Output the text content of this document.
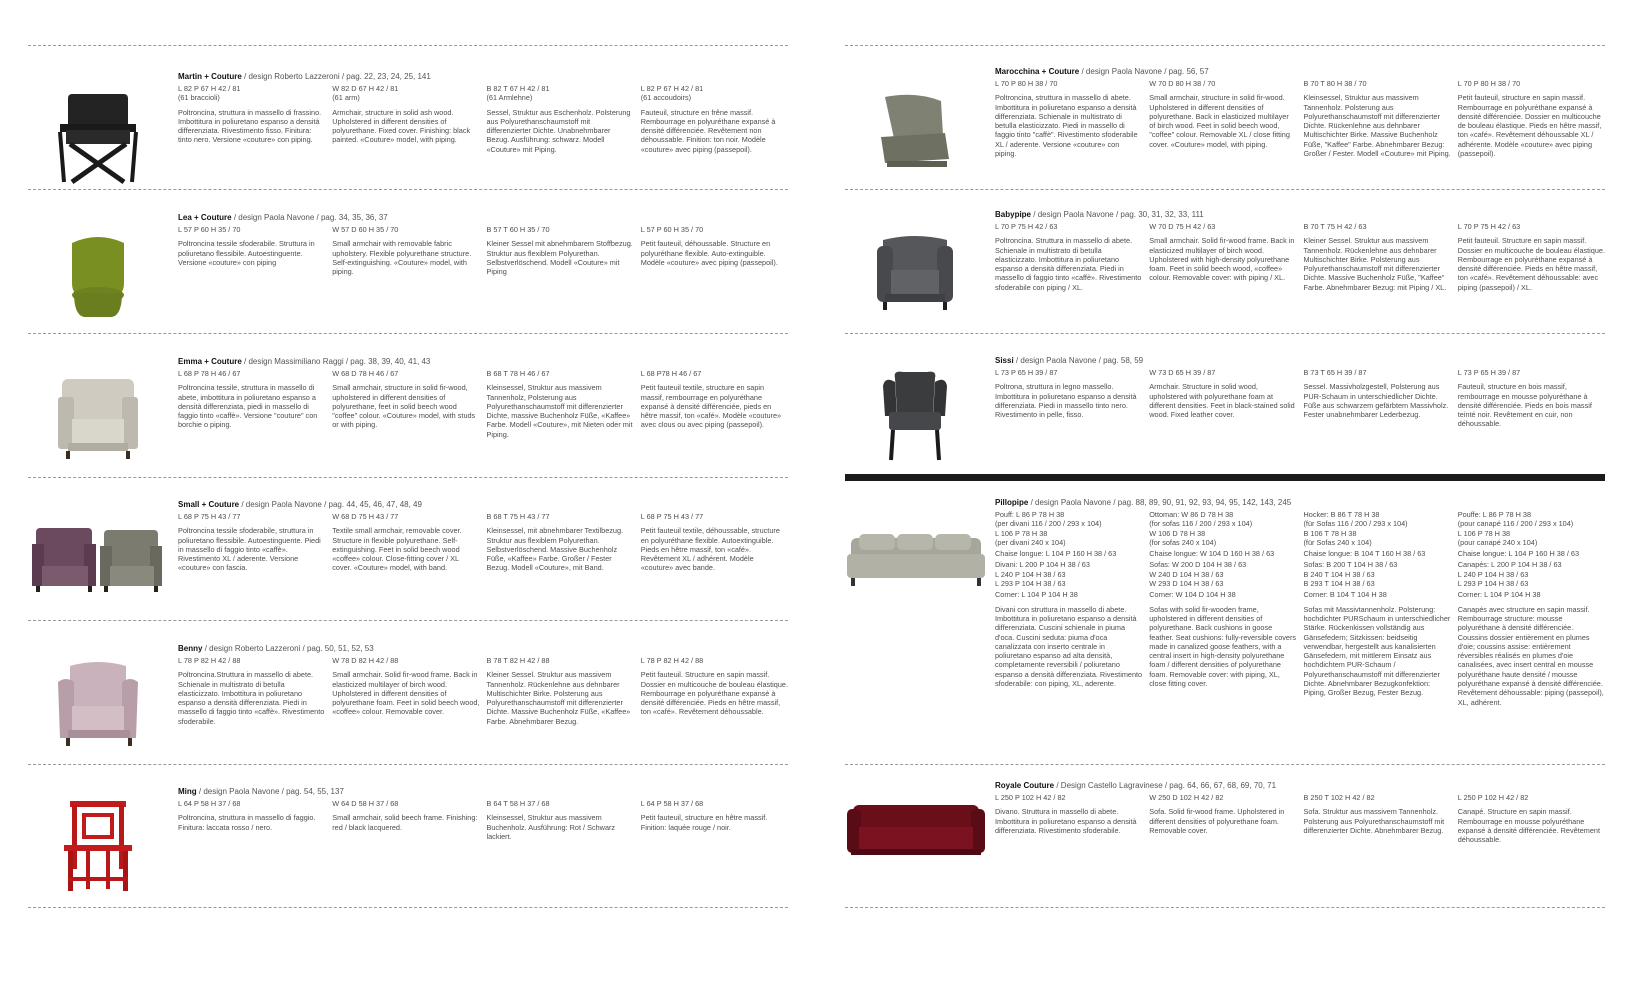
Martin + Couture / design Roberto Lazzeroni / pag. 22, 23, 24, 25, 141
L 82 P 67 H 42 / 81
(61 braccioli)
Poltroncina, struttura in massello di frassino. Imbottitura in poliuretano espanso a densità differenziata. Rivestimento fisso. Finitura: tinto nero. Versione «couture» con piping.
W 82 D 67 H 42 / 81
(61 arm)
Armchair, structure in solid ash wood. Upholstered in different densities of polyurethane. Fixed cover. Finishing: black painted. «Couture» model, with piping.
B 82 T 67 H 42 / 81
(61 Armlehne)
Sessel, Struktur aus Eschenholz. Polsterung aus Polyurethanschaumstoff mit differenzierter Dichte. Unabnehmbarer Bezug. Ausführung: schwarz. Modell «Couture» mit Piping.
L 82 P 67 H 42 / 81
(61 accoudoirs)
Fauteuil, structure en frêne massif. Rembourrage en polyuréthane expansé à densité différenciée. Revêtement non déhoussable. Finition: ton noir. Modèle «couture» avec piping (passepoil).
Lea + Couture / design Paola Navone / pag. 34, 35, 36, 37
L 57 P 60 H 35 / 70
Poltroncina tessile sfoderabile. Struttura in poliuretano flessibile. Autoestinguente. Versione «couture» con piping
W 57 D 60 H 35 / 70
Small armchair with removable fabric upholstery. Flexible polyurethane structure. Self-extinguishing. «Couture» model, with piping.
B 57 T 60 H 35 / 70
Kleiner Sessel mit abnehmbarem Stoffbezug. Struktur aus flexiblem Polyurethan. Selbstverlöschend. Modell «Couture» mit Piping
L 57 P 60 H 35 / 70
Petit fauteuil, déhoussable. Structure en polyuréthane flexible. Auto-extinguible. Modèle «couture» avec piping (passepoil).
Emma + Couture / design Massimiliano Raggi / pag. 38, 39, 40, 41, 43
L 68 P 78 H 46 / 67
Poltroncina tessile, struttura in massello di abete, imbottitura in poliuretano espanso a densità differenziata, piedi in massello di faggio tinto «caffè». Versione "couture" con borchie o piping.
W 68 D 78 H 46 / 67
Small armchair, structure in solid fir-wood, upholstered in different densities of polyurethane, feet in solid beech wood "coffee" colour. «Couture» model, with studs or with piping.
B 68 T 78 H 46 / 67
Kleinsessel, Struktur aus massivem Tannenholz, Polsterung aus Polyurethanschaumstoff mit differenzierter Dichte, massive Buchenholz Füße, «Kaffee» Farbe. Modell «Couture», mit Nieten oder mit Piping.
L 68 P78 H 46 / 67
Petit fauteuil textile, structure en sapin massif, rembourrage en polyuréthane expansé à densité différenciée, pieds en hêtre massif, ton «café». Modèle «couture» avec clous ou avec piping (passepoil).
Small + Couture / design Paola Navone / pag. 44, 45, 46, 47, 48, 49
L 68 P 75 H 43 / 77
Poltroncina tessile sfoderabile, struttura in poliuretano flessibile. Autoestinguente. Piedi in massello di faggio tinto «caffè». Rivestimento XL / aderente. Versione «couture» con fascia.
W 68 D 75 H 43 / 77
Textile small armchair, removable cover. Structure in flexible polyurethane. Self-extinguishing. Feet in solid beech wood «coffee» colour. Close-fitting cover / XL cover. «Couture» model, with band.
B 68 T 75 H 43 / 77
Kleinsessel, mit abnehmbarer Textilbezug. Struktur aus flexiblem Polyurethan. Selbstverlöschend. Massive Buchenholz Füße, «Kaffee» Farbe. Großer / Fester Bezug. Modell «Couture», mit Band.
L 68 P 75 H 43 / 77
Petit fauteuil textile, déhoussable, structure en polyuréthane flexible. Autoextinguible. Pieds en hêtre massif, ton «café». Revêtement XL / adhérent. Modèle «couture» avec bande.
Benny / design Roberto Lazzeroni / pag. 50, 51, 52, 53
L 78 P 82 H 42 / 88
Poltroncina.Struttura in massello di abete. Schienale in multistrato di betulla elasticizzato. Imbottitura in poliuretano espanso a densità differenziata. Piedi in massello di faggio tinto «caffè». Rivestimento sfoderabile.
W 78 D 82 H 42 / 88
Small armchair. Solid fir-wood frame. Back in elasticized multilayer of birch wood. Upholstered in different densities of polyurethane foam. Feet in solid beech wood, «coffee» colour. Removable cover.
B 78 T 82 H 42 / 88
Kleiner Sessel. Struktur aus massivem Tannenholz. Rückenlehne aus dehnbarer Multischichter Birke. Polsterung aus Polyurethanschaumstoff mit differenzierter Dichte. Massive Buchenholz Füße, «Kaffee» Farbe. Abnehmbarer Bezug.
L 78 P 82 H 42 / 88
Petit fauteuil. Structure en sapin massif. Dossier en multicouche de bouleau élastique. Rembourrage en polyuréthane expansé à densité différenciée. Pieds en hêtre massif, ton «café». Revêtement déhoussable.
Ming / design Paola Navone / pag. 54, 55, 137
L 64 P 58 H 37 / 68
Poltroncina, struttura in massello di faggio. Finitura: laccata rosso / nero.
W 64 D 58 H 37 / 68
Small armchair, solid beech frame. Finishing: red / black lacquered.
B 64 T 58 H 37 / 68
Kleinsessel, Struktur aus massivem Buchenholz. Ausführung: Rot / Schwarz lackiert.
L 64 P 58 H 37 / 68
Petit fauteuil, structure en hêtre massif. Finition: laquée rouge / noir.
Marocchina + Couture / design Paola Navone / pag. 56, 57
L 70 P 80 H 38 / 70
Poltroncina, struttura in massello di abete. Imbottitura in poliuretano espanso a densità differenziata. Schienale in multistrato di betulla elasticizzato. Piedi in massello di faggio tinto "caffè". Rivestimento sfoderabile XL / aderente. Versione «couture» con piping.
W 70 D 80 H 38 / 70
Small armchair, structure in solid fir-wood. Upholstered in different densities of polyurethane. Back in elasticized multilayer of birch wood. Feet in solid beech wood, "coffee" colour. Removable XL / close fitting cover. «Couture» model, with piping.
B 70 T 80 H 38 / 70
Kleinsessel, Struktur aus massivem Tannenholz. Polsterung aus Polyurethanschaumstoff mit differenzierter Dichte. Rückenlehne aus dehnbarer Multischichter Birke. Massive Buchenholz Füße, "Kaffee" Farbe. Abnehmbarer Bezug: Großer / Fester. Modell «Couture» mit Piping.
L 70 P 80 H 38 / 70
Petit fauteuil, structure en sapin massif. Rembourrage en polyuréthane expansé à densité différenciée. Dossier en multicouche de bouleau élastique. Pieds en hêtre massif, ton «café». Revêtement déhoussable XL / adhérente. Modèle «couture» avec piping (passepoil).
Babypipe / design Paola Navone / pag. 30, 31, 32, 33, 111
L 70 P 75 H 42 / 63
Poltroncina. Struttura in massello di abete. Schienale in multistrato di betulla elasticizzato. Imbottitura in poliuretano espanso a densità differenziata. Piedi in massello di faggio tinto «caffè». Rivestimento sfoderabile con piping / XL.
W 70 D 75 H 42 / 63
Small armchair. Solid fir-wood frame. Back in elasticized multilayer of birch wood. Upholstered with high-density polyurethane foam. Feet in solid beech wood, «coffee» colour. Removable cover: with piping / XL.
B 70 T 75 H 42 / 63
Kleiner Sessel. Struktur aus massivem Tannenholz. Rückenlehne aus dehnbarer Multischichter Birke. Polsterung aus Polyurethanschaumstoff mit differenzierter Dichte. Massive Buchenholz Füße, "Kaffee" Farbe. Abnehmbarer Bezug: mit Piping / XL.
L 70 P 75 H 42 / 63
Petit fauteuil. Structure en sapin massif. Dossier en multicouche de bouleau élastique. Rembourrage en polyuréthane expansé à densité différenciée. Pieds en hêtre massif, ton «café». Revêtement déhoussable: avec piping (passepoil) / XL.
Sissi / design Paola Navone / pag. 58, 59
L 73 P 65 H 39 / 87
Poltrona, struttura in legno massello. Imbottitura in poliuretano espanso a densità differenziata. Piedi in massello tinto nero. Rivestimento in pelle, fisso.
W 73 D 65 H 39 / 87
Armchair. Structure in solid wood, upholstered with polyurethane foam at different densities. Feet in black-stained solid wood. Fixed leather cover.
B 73 T 65 H 39 / 87
Sessel. Massivholzgestell, Polsterung aus PUR-Schaum in unterschiedlicher Dichte. Füße aus schwarzem gefärbtem Massivholz. Fester unabnehmbarer Lederbezug.
L 73 P 65 H 39 / 87
Fauteuil, structure en bois massif, rembourrage en mousse polyuréthane à densité différenciée. Pieds en bois massif teinté noir. Revêtement en cuir, non déhoussable.
Pillopipe / design Paola Navone / pag. 88, 89, 90, 91, 92, 93, 94, 95, 142, 143, 245
Pouff: L 86 P 78 H 38
(per divani 116 / 200 / 293 x 104)
L 106 P 78 H 38
(per divani 240 x 104)
Chaise longue: L 104 P 160 H 38 / 63
Divani: L 200 P 104 H 38 / 63
L 240 P 104 H 38 / 63
L 293 P 104 H 38 / 63
Corner: L 104 P 104 H 38
Divani con struttura in massello di abete. Imbottitura in poliuretano espanso a densità differenziata. Cuscini schienale in piuma d'oca. Cuscini seduta: piuma d'oca canalizzata con inserto centrale in poliuretano espanso ad alta densità, completamente reversibili / poliuretano espanso a densità differenziata. Rivestimento sfoderabile: con piping, XL, aderente.
Ottoman: W 86 D 78 H 38
(for sofas 116 / 200 / 293 x 104)
W 106 D 78 H 38
(for sofas 240 x 104)
Chaise longue: W 104 D 160 H 38 / 63
Sofas: W 200 D 104 H 38 / 63
W 240 D 104 H 38 / 63
W 293 D 104 H 38 / 63
Corner: W 104 D 104 H 38
Sofas with solid fir-wooden frame, upholstered in different densities of polyurethane. Back cushions in goose feather. Seat cushions: fully-reversible covers made in canalized goose feathers, with a central insert in high-density polyurethane foam / different densities of polyurethane foam. Removable cover: with piping, XL, close fitting cover.
Hocker: B 86 T 78 H 38
(für Sofas 116 / 200 / 293 x 104)
B 106 T 78 H 38
(für Sofas 240 x 104)
Chaise longue: B 104 T 160 H 38 / 63
Sofas: B 200 T 104 H 38 / 63
B 240 T 104 H 38 / 63
B 293 T 104 H 38 / 63
Corner: B 104 T 104 H 38
Sofas mit Massivtannenholz. Polsterung: hochdichter PURSchaum in unterschiedlicher Stärke. Rückenkissen vollständig aus Gänsefedern; Sitzkissen: beidseitig verwendbar, hergestellt aus kanalisierten Gänsefedern, mit mittlerem Einsatz aus hochdichtem PUR-Schaum / Polyurethanschaumstoff mit differenzierter Dichte. Abnehmbarer Bezugkonfektion: Piping, Großer Bezug, Fester Bezug.
Pouffe: L 86 P 78 H 38
(pour canapé 116 / 200 / 293 x 104)
L 106 P 78 H 38
(pour canapé 240 x 104)
Chaise longue: L 104 P 160 H 38 / 63
Canapés: L 200 P 104 H 38 / 63
L 240 P 104 H 38 / 63
L 293 P 104 H 38 / 63
Corner: L 104 P 104 H 38
Canapés avec structure en sapin massif. Rembourrage structure: mousse polyuréthane à densité différenciée. Coussins dossier entièrement en plumes d'oie; coussins assise: entièrement réversibles réalisés en plumes d'oie canalisées, avec insert central en mousse polyuréthane haute densité / mousse polyuréthane expansé à densité différenciée. Revêtement déhoussable: piping (passepoil), XL, adhérent.
Royale Couture / Design Castello Lagravinese / pag. 64, 66, 67, 68, 69, 70, 71
L 250 P 102 H 42 / 82
Divano. Struttura in massello di abete. Imbottitura in poliuretano espanso a densità differenziata. Rivestimento sfoderabile.
W 250 D 102 H 42 / 82
Sofa. Solid fir-wood frame. Upholstered in different densities of polyurethane foam. Removable cover.
B 250 T 102 H 42 / 82
Sofa. Struktur aus massivem Tannenholz. Polsterung aus Polyurethanschaumstoff mit differenzierter Dichte. Abnehmbarer Bezug.
L 250 P 102 H 42 / 82
Canapé. Structure en sapin massif. Rembourrage en mousse polyuréthane expansé à densité différenciée. Revêtement déhoussable.
